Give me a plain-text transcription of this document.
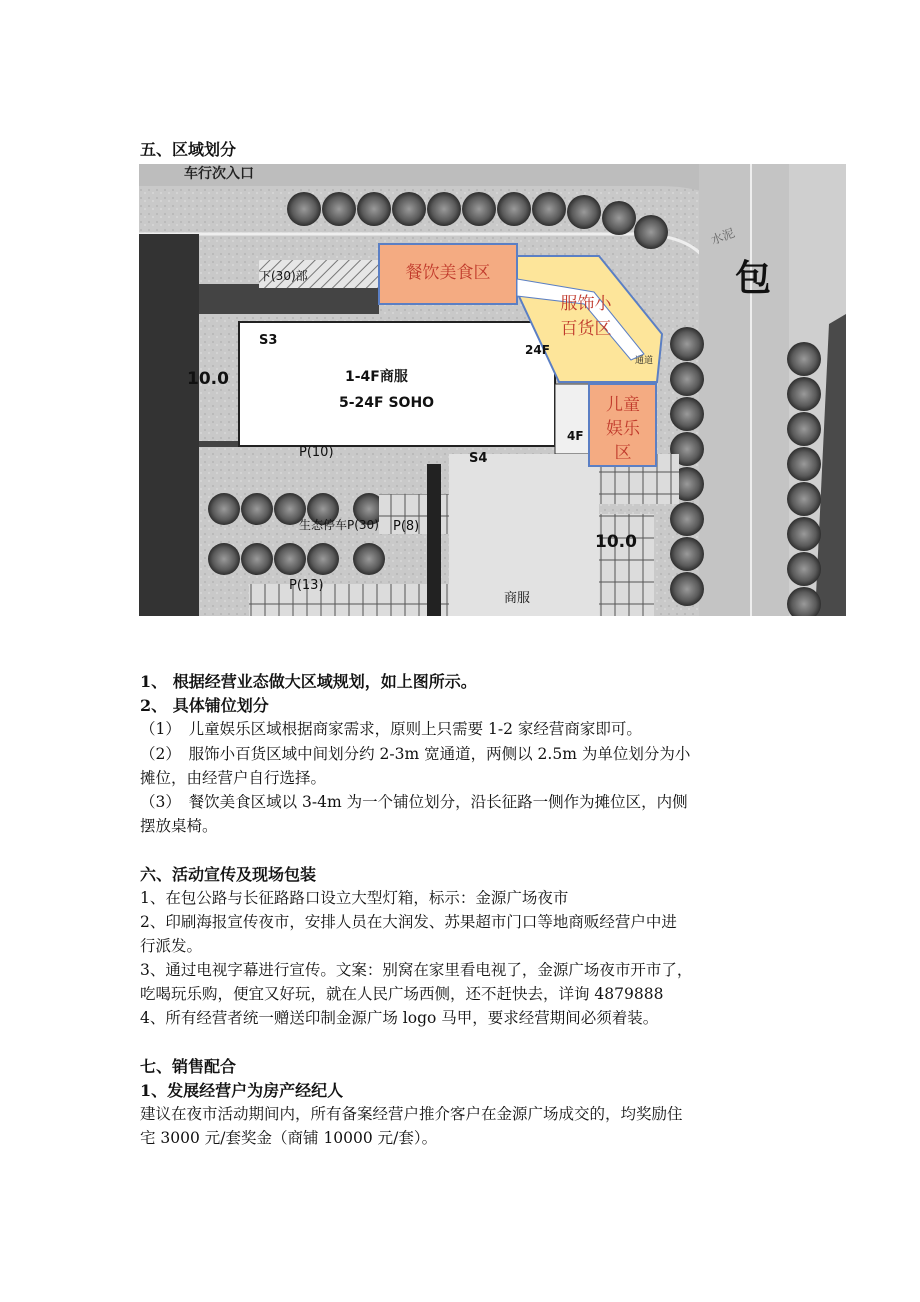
五、区域划分
车行次入口
包
水泥
S3
24F
4F
1-4F商服
5-24F SOHO
S4
10.0
10.0
P(10)
生态停车P(30) P(8)
P(13)
商服
下(30)部	餐饮美食区
服饰小
百货区
通道
儿童
娱乐
区
1、 根据经营业态做大区域规划，如上图所示。
2、 具体铺位划分
（1）　儿童娱乐区域根据商家需求，原则上只需要 1-2 家经营商家即可。
（2）　服饰小百货区域中间划分约 2-3m 宽通道，两侧以 2.5m 为单位划分为小
摊位，由经营户自行选择。
（3）　餐饮美食区域以 3-4m 为一个铺位划分，沿长征路一侧作为摊位区，内侧
摆放桌椅。
六、活动宣传及现场包装
1、在包公路与长征路路口设立大型灯箱，标示：金源广场夜市
2、印刷海报宣传夜市，安排人员在大润发、苏果超市门口等地商贩经营户中进
行派发。
3、通过电视字幕进行宣传。文案：别窝在家里看电视了，金源广场夜市开市了，
吃喝玩乐购，便宜又好玩，就在人民广场西侧，还不赶快去，详询 4879888
4、所有经营者统一赠送印制金源广场 logo 马甲，要求经营期间必须着装。
七、销售配合
1、发展经营户为房产经纪人
建议在夜市活动期间内，所有备案经营户推介客户在金源广场成交的，均奖励住
宅 3000 元/套奖金（商铺 10000 元/套）。
